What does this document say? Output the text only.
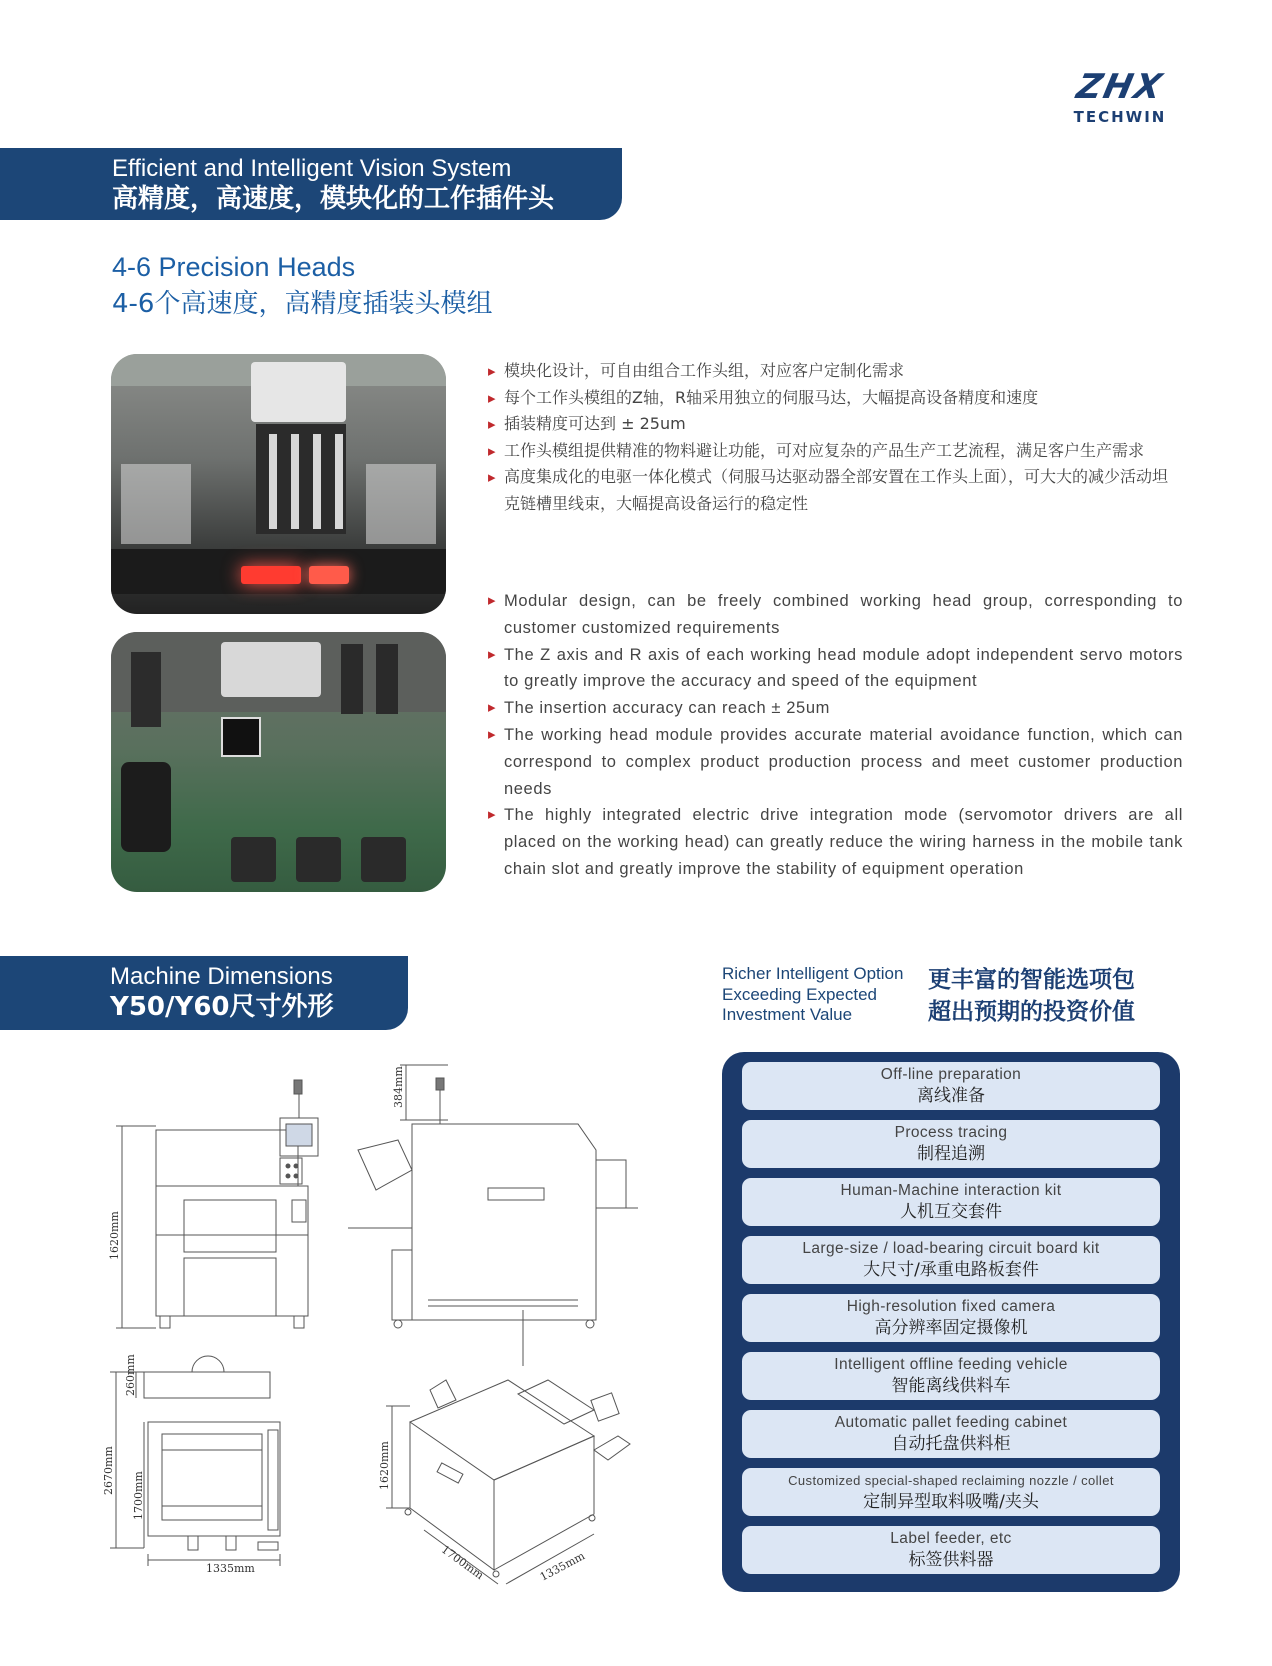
ZHX
TECHWIN
Efficient and Intelligent Vision System
高精度，高速度，模块化的工作插件头
4-6 Precision Heads
4-6个高速度，高精度插装头模组
▸ 模块化设计，可自由组合工作头组，对应客户定制化需求
▸ 每个工作头模组的Z轴，R轴采用独立的伺服马达，大幅提高设备精度和速度
▸ 插装精度可达到 ± 25um
▸ 工作头模组提供精准的物料避让功能，可对应复杂的产品生产工艺流程，满足客户生产需求
▸ 高度集成化的电驱一体化模式（伺服马达驱动器全部安置在工作头上面），可大大的减少活动坦克链槽里线束，大幅提高设备运行的稳定性
▸ Modular design, can be freely combined working head group, corresponding to customer customized requirements
▸ The Z axis and R axis of each working head module adopt independent servo motors to greatly improve the accuracy and speed of the equipment
▸ The insertion accuracy can reach ± 25um
▸ The working head module provides accurate material avoidance function, which can correspond to complex product production process and meet customer production needs
▸ The highly integrated electric drive integration mode (servomotor drivers are all placed on the working head) can greatly reduce the wiring harness in the mobile tank chain slot and greatly improve the stability of equipment operation
Machine Dimensions
Y50/Y60尺寸外形
1620mm
384mm
2670mm
260mm
1700mm
1335mm
1620mm
1700mm	1335mm
Richer Intelligent Option Exceeding Expected Investment Value
更丰富的智能选项包
超出预期的投资价值
Off-line preparation
离线准备
Process tracing
制程追溯
Human-Machine interaction kit
人机互交套件
Large-size / load-bearing circuit board kit
大尺寸/承重电路板套件
High-resolution fixed camera
高分辨率固定摄像机
Intelligent offline feeding vehicle
智能离线供料车
Automatic pallet feeding cabinet
自动托盘供料柜
Customized special-shaped reclaiming nozzle / collet
定制异型取料吸嘴/夹头
Label feeder, etc
标签供料器
